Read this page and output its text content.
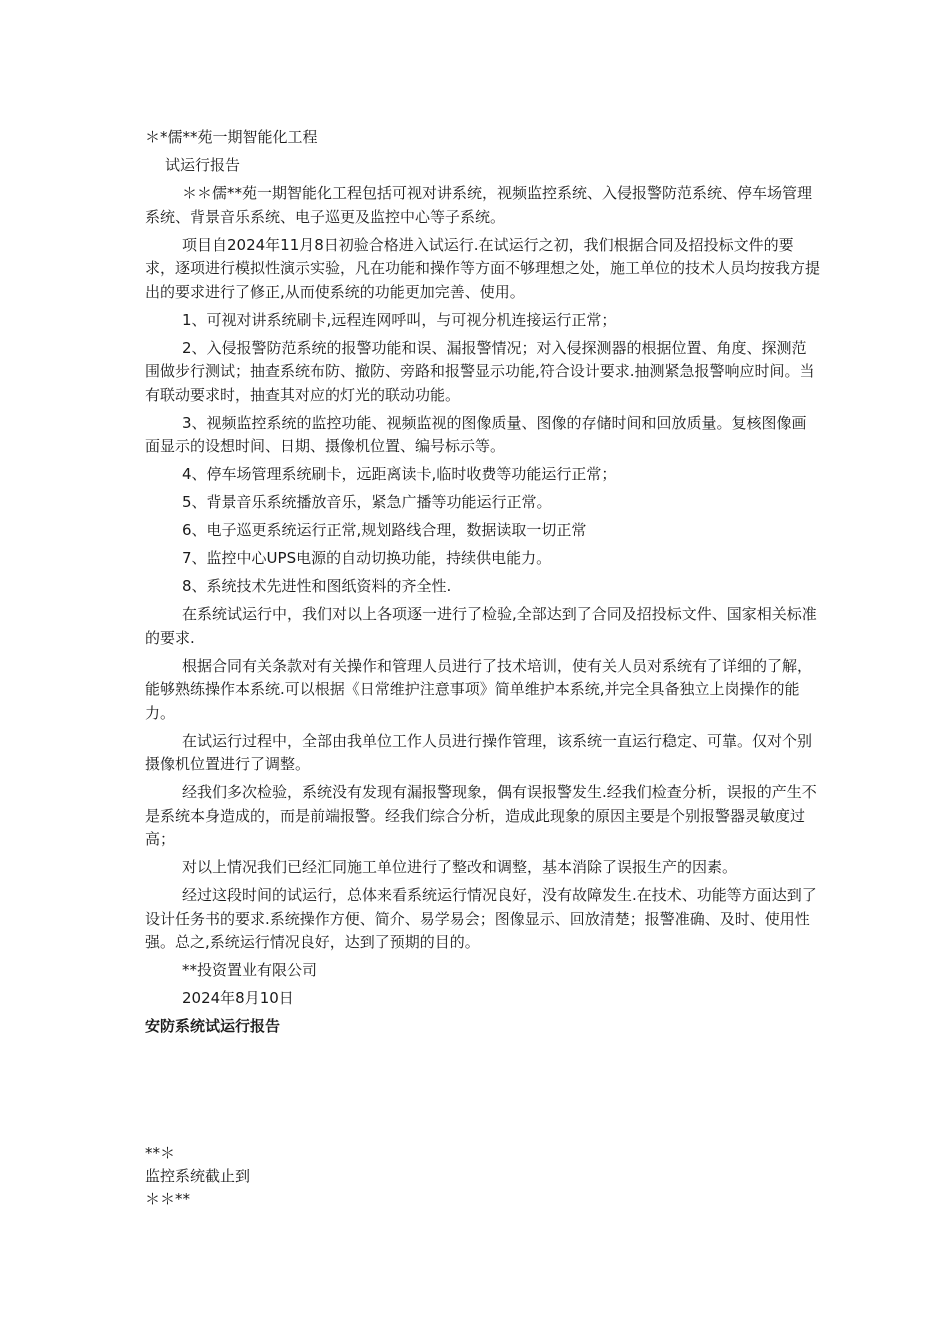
＊*儒**苑一期智能化工程

试运行报告

＊＊儒**苑一期智能化工程包括可视对讲系统，视频监控系统、入侵报警防范系统、停车场管理系统、背景音乐系统、电子巡更及监控中心等子系统。

项目自2024年11月8日初验合格进入试运行.在试运行之初，我们根据合同及招投标文件的要求，逐项进行模拟性演示实验，凡在功能和操作等方面不够理想之处，施工单位的技术人员均按我方提出的要求进行了修正,从而使系统的功能更加完善、使用。

1、可视对讲系统刷卡,远程连网呼叫，与可视分机连接运行正常；

2、入侵报警防范系统的报警功能和误、漏报警情况；对入侵探测器的根据位置、角度、探测范围做步行测试；抽查系统布防、撤防、旁路和报警显示功能,符合设计要求.抽测紧急报警响应时间。当有联动要求时，抽查其对应的灯光的联动功能。

3、视频监控系统的监控功能、视频监视的图像质量、图像的存储时间和回放质量。复核图像画面显示的设想时间、日期、摄像机位置、编号标示等。

4、停车场管理系统刷卡，远距离读卡,临时收费等功能运行正常；

5、背景音乐系统播放音乐，紧急广播等功能运行正常。

6、电子巡更系统运行正常,规划路线合理，数据读取一切正常

7、监控中心UPS电源的自动切换功能，持续供电能力。

8、系统技术先进性和图纸资料的齐全性.

在系统试运行中，我们对以上各项逐一进行了检验,全部达到了合同及招投标文件、国家相关标准的要求.

根据合同有关条款对有关操作和管理人员进行了技术培训，使有关人员对系统有了详细的了解，能够熟练操作本系统.可以根据《日常维护注意事项》简单维护本系统,并完全具备独立上岗操作的能力。

在试运行过程中，全部由我单位工作人员进行操作管理，该系统一直运行稳定、可靠。仅对个别摄像机位置进行了调整。

经我们多次检验，系统没有发现有漏报警现象，偶有误报警发生.经我们检查分析，误报的产生不是系统本身造成的，而是前端报警。经我们综合分析，造成此现象的原因主要是个别报警器灵敏度过高；

对以上情况我们已经汇同施工单位进行了整改和调整，基本消除了误报生产的因素。

经过这段时间的试运行，总体来看系统运行情况良好，没有故障发生.在技术、功能等方面达到了设计任务书的要求.系统操作方便、简介、易学易会；图像显示、回放清楚；报警准确、及时、使用性强。总之,系统运行情况良好，达到了预期的目的。

**投资置业有限公司

2024年8月10日

安防系统试运行报告

**＊

监控系统截止到

＊＊**
